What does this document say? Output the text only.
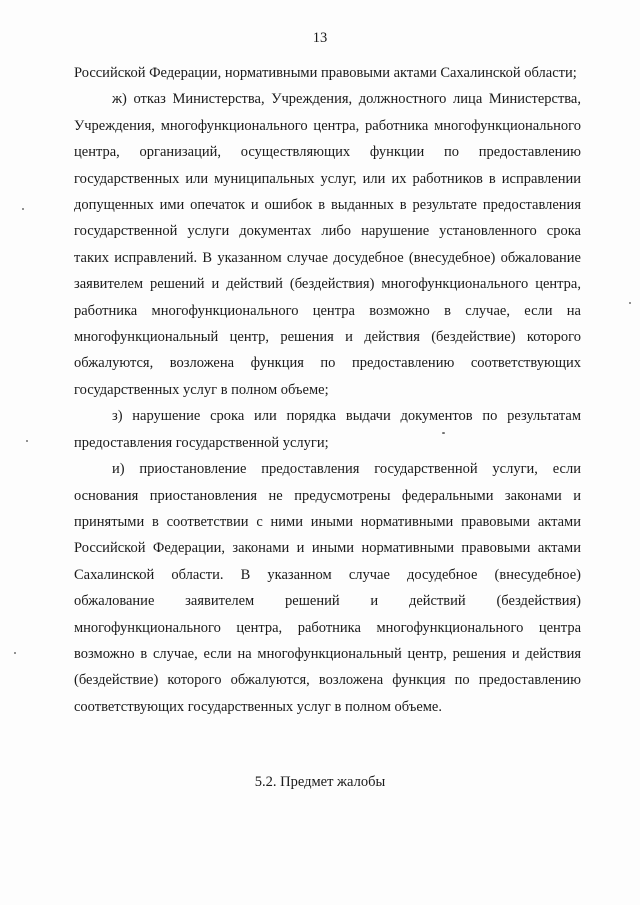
13

Российской Федерации, нормативными правовыми актами Сахалинской области;

ж) отказ Министерства, Учреждения, должностного лица Министерства, Учреждения, многофункционального центра, работника многофункционального центра, организаций, осуществляющих функции по предоставлению государственных или муниципальных услуг, или их работников в исправлении допущенных ими опечаток и ошибок в выданных в результате предоставления государственной услуги документах либо нарушение установленного срока таких исправлений. В указанном случае досудебное (внесудебное) обжалование заявителем решений и действий (бездействия) многофункционального центра, работника многофункционального центра возможно в случае, если на многофункциональный центр, решения и действия (бездействие) которого обжалуются, возложена функция по предоставлению соответствующих государственных услуг в полном объеме;

з) нарушение срока или порядка выдачи документов по результатам предоставления государственной услуги;

и) приостановление предоставления государственной услуги, если основания приостановления не предусмотрены федеральными законами и принятыми в соответствии с ними иными нормативными правовыми актами Российской Федерации, законами и иными нормативными правовыми актами Сахалинской области. В указанном случае досудебное (внесудебное) обжалование заявителем решений и действий (бездействия) многофункционального центра, работника многофункционального центра возможно в случае, если на многофункциональный центр, решения и действия (бездействие) которого обжалуются, возложена функция по предоставлению соответствующих государственных услуг в полном объеме.

5.2. Предмет жалобы
